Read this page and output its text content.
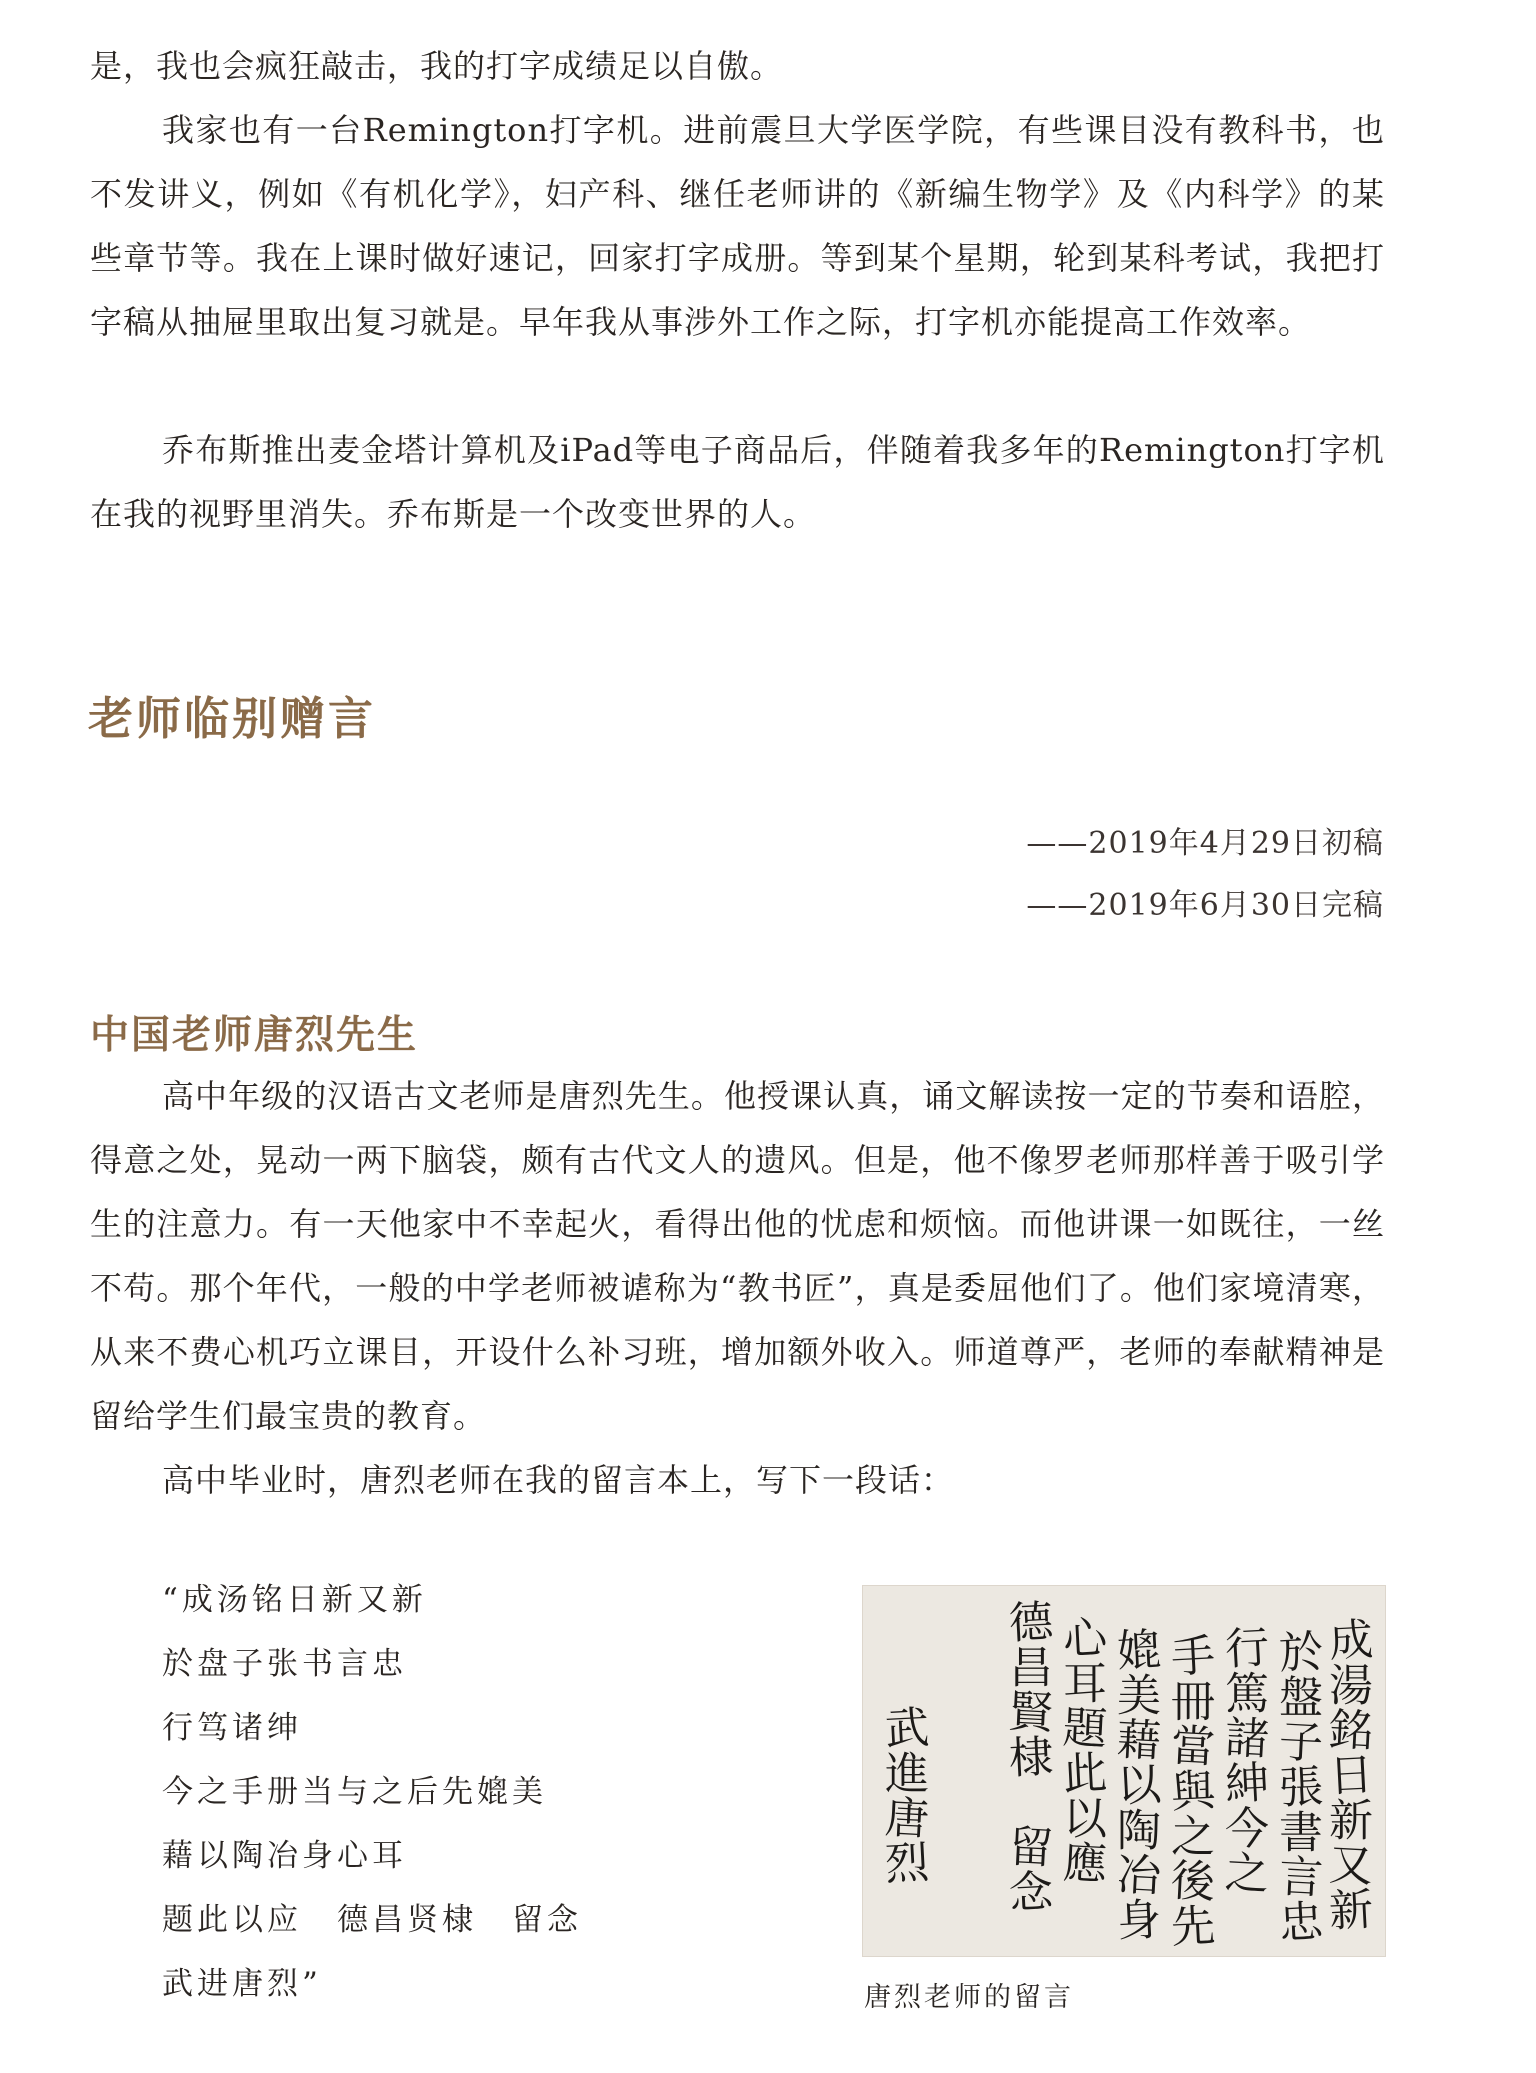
是，我也会疯狂敲击，我的打字成绩足以自傲。

我家也有一台Remington打字机。进前震旦大学医学院，有些课目没有教科书，也不发讲义，例如《有机化学》，妇产科、继任老师讲的《新编生物学》及《内科学》的某些章节等。我在上课时做好速记，回家打字成册。等到某个星期，轮到某科考试，我把打字稿从抽屉里取出复习就是。早年我从事涉外工作之际，打字机亦能提高工作效率。

乔布斯推出麦金塔计算机及iPad等电子商品后，伴随着我多年的Remington打字机在我的视野里消失。乔布斯是一个改变世界的人。

老师临别赠言
——2019年4月29日初稿
——2019年6月30日完稿
中国老师唐烈先生

高中年级的汉语古文老师是唐烈先生。他授课认真，诵文解读按一定的节奏和语腔，得意之处，晃动一两下脑袋，颇有古代文人的遗风。但是，他不像罗老师那样善于吸引学生的注意力。有一天他家中不幸起火，看得出他的忧虑和烦恼。而他讲课一如既往，一丝不苟。那个年代，一般的中学老师被谑称为“教书匠”，真是委屈他们了。他们家境清寒，从来不费心机巧立课目，开设什么补习班，增加额外收入。师道尊严，老师的奉献精神是留给学生们最宝贵的教育。

高中毕业时，唐烈老师在我的留言本上，写下一段话：

“成汤铭日新又新
於盘子张书言忠
行笃诸绅
今之手册当与之后先媲美
藉以陶冶身心耳
题此以应　德昌贤棣　留念
武进唐烈”
成
湯
銘
日
新
又
新
於
盤
子
張
書
言
忠
行
篤
諸
紳
今
之
手
冊
當
與
之
後
先
媲
美
藉
以
陶
冶
身
心
耳
題
此
以
應
德
昌
賢
棣
留
念
武
進
唐
烈
唐烈老师的留言
